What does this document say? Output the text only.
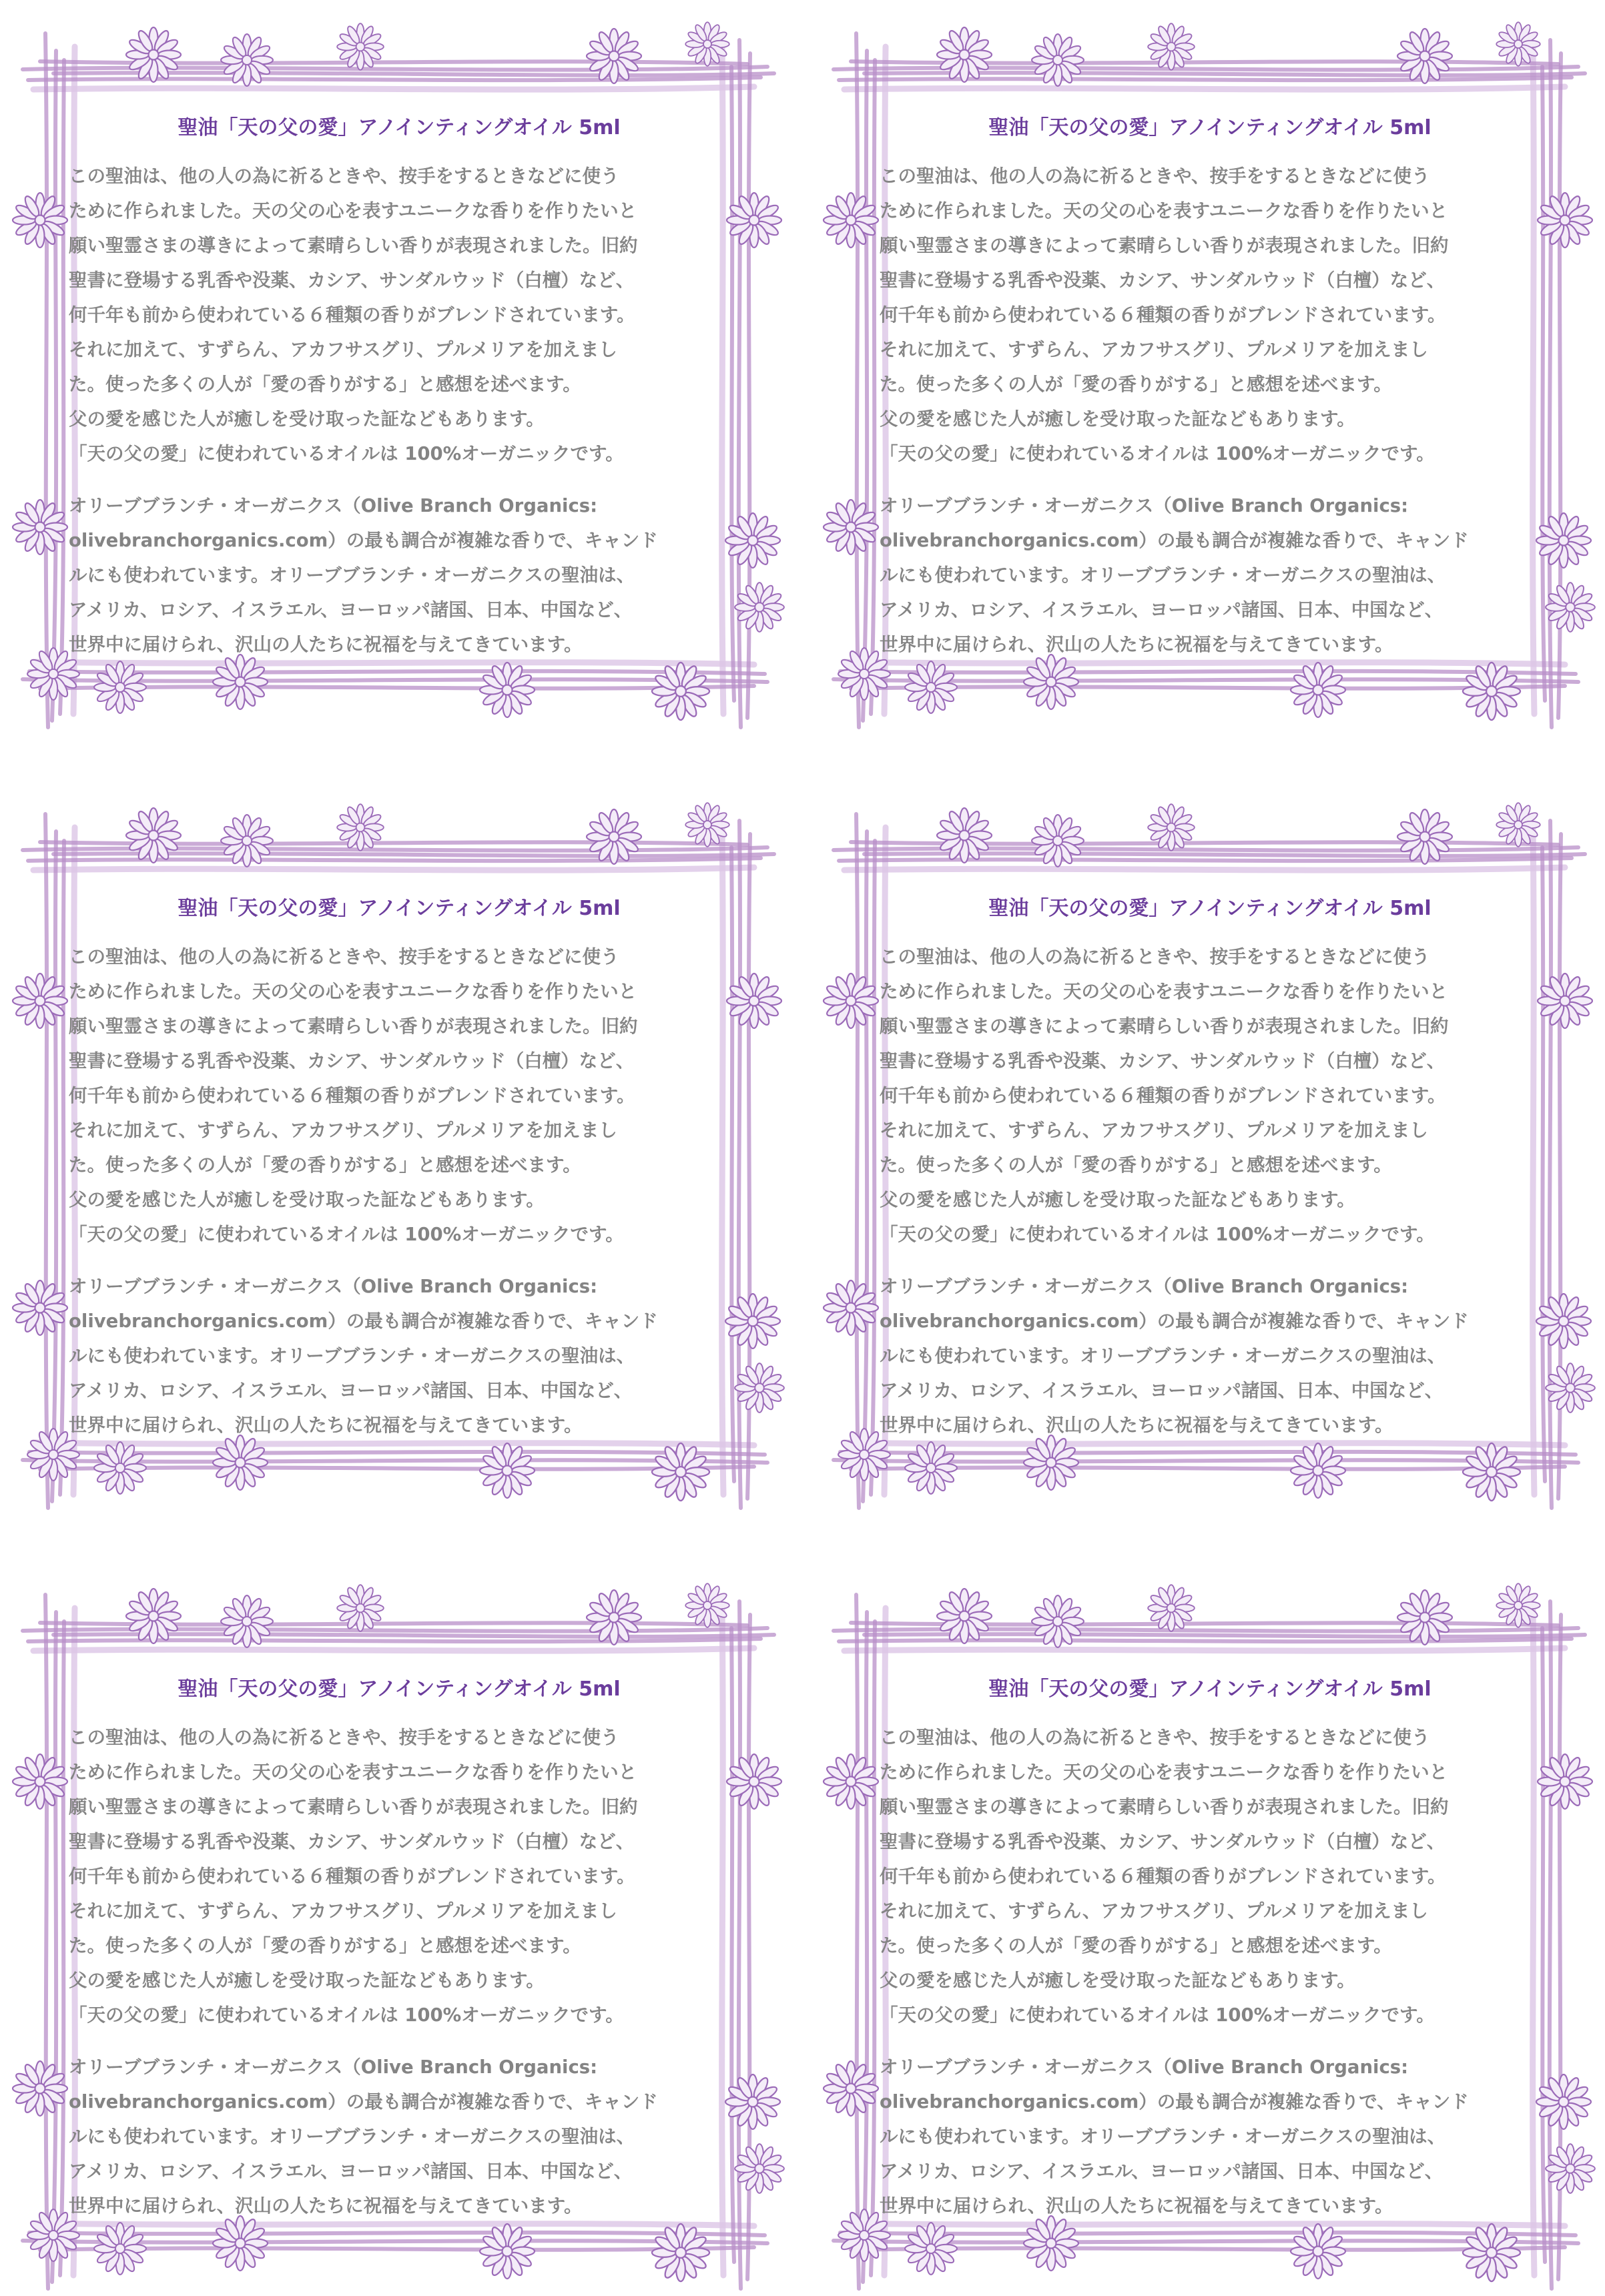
聖油「天の父の愛」アノインティングオイル 5ml

この聖油は、他の人の為に祈るときや、按手をするときなどに使う
ために作られました。天の父の心を表すユニークな香りを作りたいと
願い聖霊さまの導きによって素晴らしい香りが表現されました。旧約
聖書に登場する乳香や没薬、カシア、サンダルウッド（白檀）など、
何千年も前から使われている６種類の香りがブレンドされています。
それに加えて、すずらん、アカフサスグリ、プルメリアを加えまし
た。使った多くの人が「愛の香りがする」と感想を述べます。
父の愛を感じた人が癒しを受け取った証などもあります。
「天の父の愛」に使われているオイルは 100%オーガニックです。

オリーブブランチ・オーガニクス（Olive Branch Organics:
olivebranchorganics.com）の最も調合が複雑な香りで、キャンド
ルにも使われています。オリーブブランチ・オーガニクスの聖油は、
アメリカ、ロシア、イスラエル、ヨーロッパ諸国、日本、中国など、
世界中に届けられ、沢山の人たちに祝福を与えてきています。

聖油「天の父の愛」アノインティングオイル 5ml

この聖油は、他の人の為に祈るときや、按手をするときなどに使う
ために作られました。天の父の心を表すユニークな香りを作りたいと
願い聖霊さまの導きによって素晴らしい香りが表現されました。旧約
聖書に登場する乳香や没薬、カシア、サンダルウッド（白檀）など、
何千年も前から使われている６種類の香りがブレンドされています。
それに加えて、すずらん、アカフサスグリ、プルメリアを加えまし
た。使った多くの人が「愛の香りがする」と感想を述べます。
父の愛を感じた人が癒しを受け取った証などもあります。
「天の父の愛」に使われているオイルは 100%オーガニックです。

オリーブブランチ・オーガニクス（Olive Branch Organics:
olivebranchorganics.com）の最も調合が複雑な香りで、キャンド
ルにも使われています。オリーブブランチ・オーガニクスの聖油は、
アメリカ、ロシア、イスラエル、ヨーロッパ諸国、日本、中国など、
世界中に届けられ、沢山の人たちに祝福を与えてきています。

聖油「天の父の愛」アノインティングオイル 5ml

この聖油は、他の人の為に祈るときや、按手をするときなどに使う
ために作られました。天の父の心を表すユニークな香りを作りたいと
願い聖霊さまの導きによって素晴らしい香りが表現されました。旧約
聖書に登場する乳香や没薬、カシア、サンダルウッド（白檀）など、
何千年も前から使われている６種類の香りがブレンドされています。
それに加えて、すずらん、アカフサスグリ、プルメリアを加えまし
た。使った多くの人が「愛の香りがする」と感想を述べます。
父の愛を感じた人が癒しを受け取った証などもあります。
「天の父の愛」に使われているオイルは 100%オーガニックです。

オリーブブランチ・オーガニクス（Olive Branch Organics:
olivebranchorganics.com）の最も調合が複雑な香りで、キャンド
ルにも使われています。オリーブブランチ・オーガニクスの聖油は、
アメリカ、ロシア、イスラエル、ヨーロッパ諸国、日本、中国など、
世界中に届けられ、沢山の人たちに祝福を与えてきています。

聖油「天の父の愛」アノインティングオイル 5ml

この聖油は、他の人の為に祈るときや、按手をするときなどに使う
ために作られました。天の父の心を表すユニークな香りを作りたいと
願い聖霊さまの導きによって素晴らしい香りが表現されました。旧約
聖書に登場する乳香や没薬、カシア、サンダルウッド（白檀）など、
何千年も前から使われている６種類の香りがブレンドされています。
それに加えて、すずらん、アカフサスグリ、プルメリアを加えまし
た。使った多くの人が「愛の香りがする」と感想を述べます。
父の愛を感じた人が癒しを受け取った証などもあります。
「天の父の愛」に使われているオイルは 100%オーガニックです。

オリーブブランチ・オーガニクス（Olive Branch Organics:
olivebranchorganics.com）の最も調合が複雑な香りで、キャンド
ルにも使われています。オリーブブランチ・オーガニクスの聖油は、
アメリカ、ロシア、イスラエル、ヨーロッパ諸国、日本、中国など、
世界中に届けられ、沢山の人たちに祝福を与えてきています。

聖油「天の父の愛」アノインティングオイル 5ml

この聖油は、他の人の為に祈るときや、按手をするときなどに使う
ために作られました。天の父の心を表すユニークな香りを作りたいと
願い聖霊さまの導きによって素晴らしい香りが表現されました。旧約
聖書に登場する乳香や没薬、カシア、サンダルウッド（白檀）など、
何千年も前から使われている６種類の香りがブレンドされています。
それに加えて、すずらん、アカフサスグリ、プルメリアを加えまし
た。使った多くの人が「愛の香りがする」と感想を述べます。
父の愛を感じた人が癒しを受け取った証などもあります。
「天の父の愛」に使われているオイルは 100%オーガニックです。

オリーブブランチ・オーガニクス（Olive Branch Organics:
olivebranchorganics.com）の最も調合が複雑な香りで、キャンド
ルにも使われています。オリーブブランチ・オーガニクスの聖油は、
アメリカ、ロシア、イスラエル、ヨーロッパ諸国、日本、中国など、
世界中に届けられ、沢山の人たちに祝福を与えてきています。

聖油「天の父の愛」アノインティングオイル 5ml

この聖油は、他の人の為に祈るときや、按手をするときなどに使う
ために作られました。天の父の心を表すユニークな香りを作りたいと
願い聖霊さまの導きによって素晴らしい香りが表現されました。旧約
聖書に登場する乳香や没薬、カシア、サンダルウッド（白檀）など、
何千年も前から使われている６種類の香りがブレンドされています。
それに加えて、すずらん、アカフサスグリ、プルメリアを加えまし
た。使った多くの人が「愛の香りがする」と感想を述べます。
父の愛を感じた人が癒しを受け取った証などもあります。
「天の父の愛」に使われているオイルは 100%オーガニックです。

オリーブブランチ・オーガニクス（Olive Branch Organics:
olivebranchorganics.com）の最も調合が複雑な香りで、キャンド
ルにも使われています。オリーブブランチ・オーガニクスの聖油は、
アメリカ、ロシア、イスラエル、ヨーロッパ諸国、日本、中国など、
世界中に届けられ、沢山の人たちに祝福を与えてきています。
